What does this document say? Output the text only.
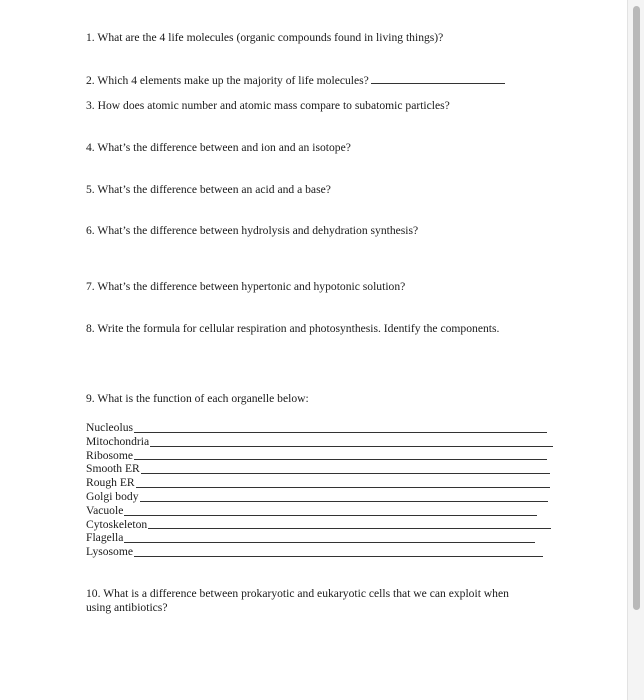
1. What are the 4 life molecules (organic compounds found in living things)?
2. Which 4 elements make up the majority of life molecules?
3. How does atomic number and atomic mass compare to subatomic particles?
4. What’s the difference between and ion and an isotope?
5. What’s the difference between an acid and a base?
6. What’s the difference between hydrolysis and dehydration synthesis?
7. What’s the difference between hypertonic and hypotonic solution?
8. Write the formula for cellular respiration and photosynthesis. Identify the components.
9. What is the function of each organelle below:
Nucleolus
Mitochondria
Ribosome
Smooth ER
Rough ER
Golgi body
Vacuole
Cytoskeleton
Flagella
Lysosome
10. What is a difference between prokaryotic and eukaryotic cells that we can exploit when using antibiotics?
